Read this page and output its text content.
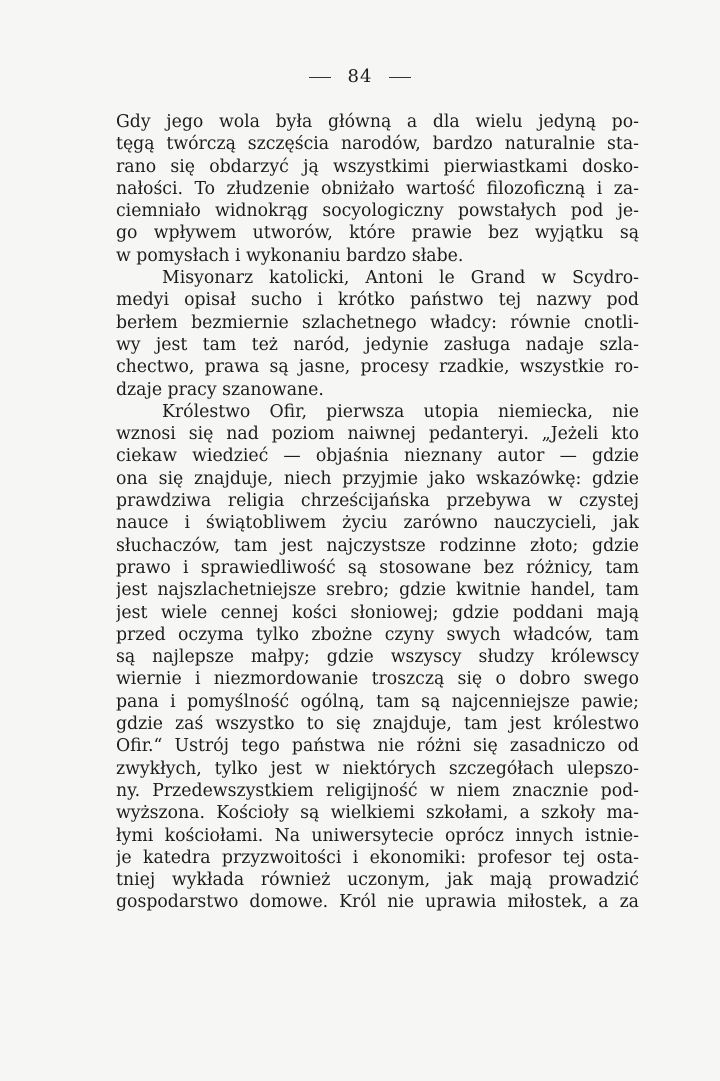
84
Gdy jego wola była główną a dla wielu jedyną po-
tęgą twórczą szczęścia narodów, bardzo naturalnie sta-
rano się obdarzyć ją wszystkimi pierwiastkami dosko-
nałości. To złudzenie obniżało wartość filozoficzną i za-
ciemniało widnokrąg socyologiczny powstałych pod je-
go wpływem utworów, które prawie bez wyjątku są
w pomysłach i wykonaniu bardzo słabe.
Misyonarz katolicki, Antoni le Grand w Scydro-
medyi opisał sucho i krótko państwo tej nazwy pod
berłem bezmiernie szlachetnego władcy: równie cnotli-
wy jest tam też naród, jedynie zasługa nadaje szla-
chectwo, prawa są jasne, procesy rzadkie, wszystkie ro-
dzaje pracy szanowane.
Królestwo Ofir, pierwsza utopia niemiecka, nie
wznosi się nad poziom naiwnej pedanteryi. „Jeżeli kto
ciekaw wiedzieć — objaśnia nieznany autor — gdzie
ona się znajduje, niech przyjmie jako wskazówkę: gdzie
prawdziwa religia chrześcijańska przebywa w czystej
nauce i świątobliwem życiu zarówno nauczycieli, jak
słuchaczów, tam jest najczystsze rodzinne złoto; gdzie
prawo i sprawiedliwość są stosowane bez różnicy, tam
jest najszlachetniejsze srebro; gdzie kwitnie handel, tam
jest wiele cennej kości słoniowej; gdzie poddani mają
przed oczyma tylko zbożne czyny swych władców, tam
są najlepsze małpy; gdzie wszyscy słudzy królewscy
wiernie i niezmordowanie troszczą się o dobro swego
pana i pomyślność ogólną, tam są najcenniejsze pawie;
gdzie zaś wszystko to się znajduje, tam jest królestwo
Ofir.“ Ustrój tego państwa nie różni się zasadniczo od
zwykłych, tylko jest w niektórych szczegółach ulepszo-
ny. Przedewszystkiem religijność w niem znacznie pod-
wyższona. Kościoły są wielkiemi szkołami, a szkoły ma-
łymi kościołami. Na uniwersytecie oprócz innych istnie-
je katedra przyzwoitości i ekonomiki: profesor tej osta-
tniej wykłada również uczonym, jak mają prowadzić
gospodarstwo domowe. Król nie uprawia miłostek, a za
